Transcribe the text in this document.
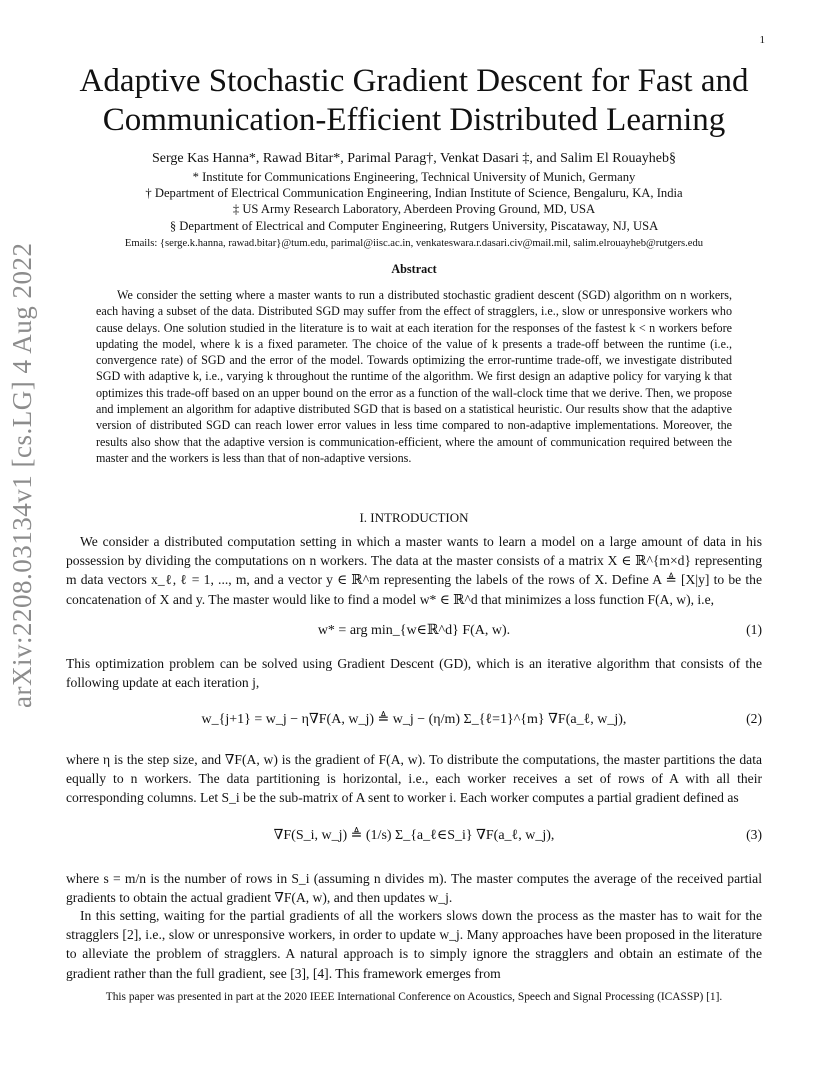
1
arXiv:2208.03134v1 [cs.LG] 4 Aug 2022
Adaptive Stochastic Gradient Descent for Fast and Communication-Efficient Distributed Learning
Serge Kas Hanna*, Rawad Bitar*, Parimal Parag†, Venkat Dasari ‡, and Salim El Rouayheb§
* Institute for Communications Engineering, Technical University of Munich, Germany
† Department of Electrical Communication Engineering, Indian Institute of Science, Bengaluru, KA, India
‡ US Army Research Laboratory, Aberdeen Proving Ground, MD, USA
§ Department of Electrical and Computer Engineering, Rutgers University, Piscataway, NJ, USA
Emails: {serge.k.hanna, rawad.bitar}@tum.edu, parimal@iisc.ac.in, venkateswara.r.dasari.civ@mail.mil, salim.elrouayheb@rutgers.edu
Abstract
We consider the setting where a master wants to run a distributed stochastic gradient descent (SGD) algorithm on n workers, each having a subset of the data. Distributed SGD may suffer from the effect of stragglers, i.e., slow or unresponsive workers who cause delays. One solution studied in the literature is to wait at each iteration for the responses of the fastest k < n workers before updating the model, where k is a fixed parameter. The choice of the value of k presents a trade-off between the runtime (i.e., convergence rate) of SGD and the error of the model. Towards optimizing the error-runtime trade-off, we investigate distributed SGD with adaptive k, i.e., varying k throughout the runtime of the algorithm. We first design an adaptive policy for varying k that optimizes this trade-off based on an upper bound on the error as a function of the wall-clock time that we derive. Then, we propose and implement an algorithm for adaptive distributed SGD that is based on a statistical heuristic. Our results show that the adaptive version of distributed SGD can reach lower error values in less time compared to non-adaptive implementations. Moreover, the results also show that the adaptive version is communication-efficient, where the amount of communication required between the master and the workers is less than that of non-adaptive versions.
I. INTRODUCTION
We consider a distributed computation setting in which a master wants to learn a model on a large amount of data in his possession by dividing the computations on n workers. The data at the master consists of a matrix X ∈ ℝ^{m×d} representing m data vectors x_ℓ, ℓ = 1, ..., m, and a vector y ∈ ℝ^m representing the labels of the rows of X. Define A ≜ [X|y] to be the concatenation of X and y. The master would like to find a model w* ∈ ℝ^d that minimizes a loss function F(A, w), i.e,
w* = arg min_{w∈ℝ^d} F(A, w).	(1)
This optimization problem can be solved using Gradient Descent (GD), which is an iterative algorithm that consists of the following update at each iteration j,
w_{j+1} = w_j − η∇F(A, w_j) ≜ w_j − (η/m) Σ_{ℓ=1}^{m} ∇F(a_ℓ, w_j),	(2)
where η is the step size, and ∇F(A, w) is the gradient of F(A, w). To distribute the computations, the master partitions the data equally to n workers. The data partitioning is horizontal, i.e., each worker receives a set of rows of A with all their corresponding columns. Let S_i be the sub-matrix of A sent to worker i. Each worker computes a partial gradient defined as
∇F(S_i, w_j) ≜ (1/s) Σ_{a_ℓ∈S_i} ∇F(a_ℓ, w_j),	(3)
where s = m/n is the number of rows in S_i (assuming n divides m). The master computes the average of the received partial gradients to obtain the actual gradient ∇F(A, w), and then updates w_j.
In this setting, waiting for the partial gradients of all the workers slows down the process as the master has to wait for the stragglers [2], i.e., slow or unresponsive workers, in order to update w_j. Many approaches have been proposed in the literature to alleviate the problem of stragglers. A natural approach is to simply ignore the stragglers and obtain an estimate of the gradient rather than the full gradient, see [3], [4]. This framework emerges from
This paper was presented in part at the 2020 IEEE International Conference on Acoustics, Speech and Signal Processing (ICASSP) [1].
